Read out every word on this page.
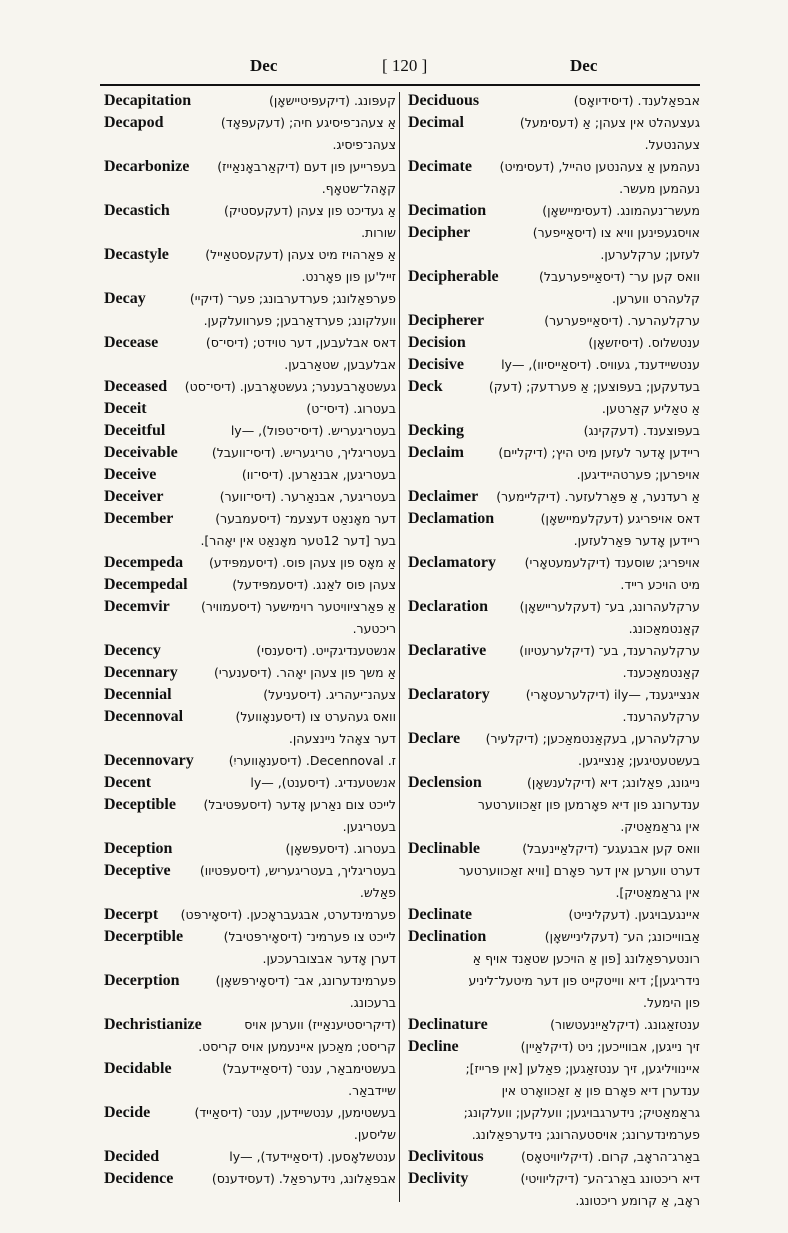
Dec	[ 120 ]	Dec
Decapitation	קעפּונג. (דיקעפּיטיישאָן)
Decapod	אַ צעהנ־פיסיגע חיה; (דעקעפּאָד)
צעהנ־פיסיג.
Decarbonize	בעפרייען פון דעם (דיקאַרבאָנאַייז)
קאָהל־שטאָף.
Decastich	אַ געדיכט פון צעהן (דעקעסטיק)
שורות.
Decastyle	אַ פּאַרהויז מיט צעהן (דעקעסטאַייל)
זייל'ען פון פאָרנט.
Decay	פערפאַלונג; פערדערבונג; פער־ (דיקיי)
וועלקונג; פערדאַרבען; פערוועלקען.
Decease	דאס אבלעבען, דער טוידט; (דיסי־ס)
אבלעבען, שטאַרבען.
Deceased	געשטאָרבענער; געשטאָרבען. (דיסי־סט)
Deceit	בעטרוג. (דיסי־ט)
Deceitful	בעטריגעריש. (דיסי־טפול), —ly
Deceivable	בעטריגליך, טריגעריש. (דיסי־וועבל)
Deceive	בעטריגען, אבנאַרען. (דיסי־וו)
Deceiver	בעטריגער, אבנאַרער. (דיסי־ווער)
December	דער מאָנאַט דעצעמ־ (דיסעמבער)
בער [דער 12טער מאָנאַט אין יאָהר].
Decempeda	אַ מאָס פון צעהן פוס. (דיסעמפּידע)
Decempedal	צעהן פוס לאַנג. (דיסעמפּידעל)
Decemvir	אַ פּאַרציוויטער רוימישער (דיסעמוויר)
ריכטער.
Decency	אנשטענדיגקייט. (דיסענסי)
Decennary	אַ משך פון צעהן יאָהר. (דיסענערי)
Decennial	צעהנ־יעהריג. (דיסעניעל)
Decennoval	וואס געהערט צו (דיסענאָוועל)
דער צאָהל ניינצעהן.
Decennovary	ז. Decennoval. (דיסענאָוועריִ)
Decent	אנשטענדיג. (דיסענט), —ly
Deceptible	לייכט צום נאַרען אָדער (דיסעפּטיבל)
בעטריגען.
Deception	בעטרוג. (דיסעפּשאָן)
Deceptive	בעטריגליך, בעטריגעריש, (דיסעפּטיוו)
פאַלש.
Decerpt	פערמינדערט, אבגעבראָכען. (דיסאָירפּט)
Decerptible	לייכט צו פערמינ־ (דיסאָירפּטיבל)
דערן אָדער אבצוברעכען.
Decerption	פערמינדערונג, אב־ (דיסאָירפּשאָן)
ברעכונג.
Dechristianize	(דיקריסטיענאַייז) ווערען אויס
קריסט; מאַכען איינעמען אויס קריסט.
Decidable	בעשטימבאַר, ענט־ (דיסאַיידעבל)
שיידבאַר.
Decide	בעשטימען, ענטשיידען, ענט־ (דיסאַייד)
שליסען.
Decided	ענטשלאָסען. (דיסאַיידעד), —ly
Decidence	אבפאַלונג, נידערפאַל. (דעסידענס)
Deciduous	אבפאַלענד. (דיסידיואָס)
Decimal	געצעהלט אין צעהן; אַ (דעסימעל)
צעהנטעל.
Decimate	נעהמען אַ צעהנטען טהייל, (דעסימיט)
נעהמען מעשר.
Decimation	מעשר־נעהמונג. (דעסימיישאָן)
Decipher	אויסגעפינען וויא צו (דיסאַייפער)
לעזען; ערקלערען.
Decipherable	וואס קען ער־ (דיסאַייפערעבל)
קלעהרט ווערען.
Decipherer	ערקלעהרער. (דיסאַייפערער)
Decision	ענטשלוס. (דיסיזשאָן)
Decisive	ענטשיידענד, געוויס. (דיסאַייסיוו), —ly
Deck	בעדעקען; בעפּוצען; אַ פערדעק; (דעק)
אַ טאַליע קאַרטען.
Decking	בעפּוצענד. (דעקקינג)
Declaim	ריידען אָדער לעזען מיט היץ; (דיקליים)
אויפרען; פערטהיידיגען.
Declaimer	אַ רעדנער, אַ פּאַרלעזער. (דיקליימער)
Declamation	דאס אויפריגע (דעקלעמיישאָן)
ריידען אָדער פּאַרלעזען.
Declamatory	אויפריג; שוסענד (דיקלעמעטאָרי)
מיט הויכע רייד.
Declaration	ערקלעהרונג, בע־ (דעקלעריישאָן)
קאַנטמאַכונג.
Declarative	ערקלעהרענד, בע־ (דיקלערעטיוו)
קאַנטמאַכענד.
Declaratory	אנצייגענד, —ily (דיקלערעטאָרי)
ערקלעהרענד.
Declare	ערקלעהרען, בעקאַנטמאַכען; (דיקלעיר)
בעשטעטיגען; אַנצייגען.
Declension	נייגונג, פאַלונג; דיא (דיקלענשאָן)
ענדערונג פון דיא פאָרמען פון זאַכווערטער
אין גראַמאַטיק.
Declinable	וואס קען אבגעגע־ (דיקלאַיינעבל)
דערט ווערען אין דער פאָרם [וויא זאַכווערטער
אין גראַמאַטיק].
Declinate	איינגעבויגען. (דעקלינייט)
Declination	אַבווייכונג; הע־ (דעקליניישאָן)
רונטערפאַלונג [פון אַ הויכען שטאַנד אויף אַ
נידריגען]; דיא ווייטקייט פון דער מיטעל־ליניע
פון הימעל.
Declinature	ענטזאַגונג. (דיקלאַייִנעטשור)
Decline	זיך נייגען, אבווייכען; ניט (דיקלאַיין)
איינוויליגען, זיך ענטזאַגען; פאַלען [אין פּרייז];
ענדערן דיא פאָרם פון אַ זאַכוואָרט אין
גראַמאַטיק; נידערגבויגען; וועלקען; וועלקונג;
פערמינדערונג; אויסטעהרונג; נידערפאַלונג.
Declivitous	באַרג־הראָב, קרום. (דיקליוויטאָס)
Declivity	דיא ריכטונג באַרג־הע־ (דיקליוויטי)
ראָב, אַ קרומע ריכטונג.
